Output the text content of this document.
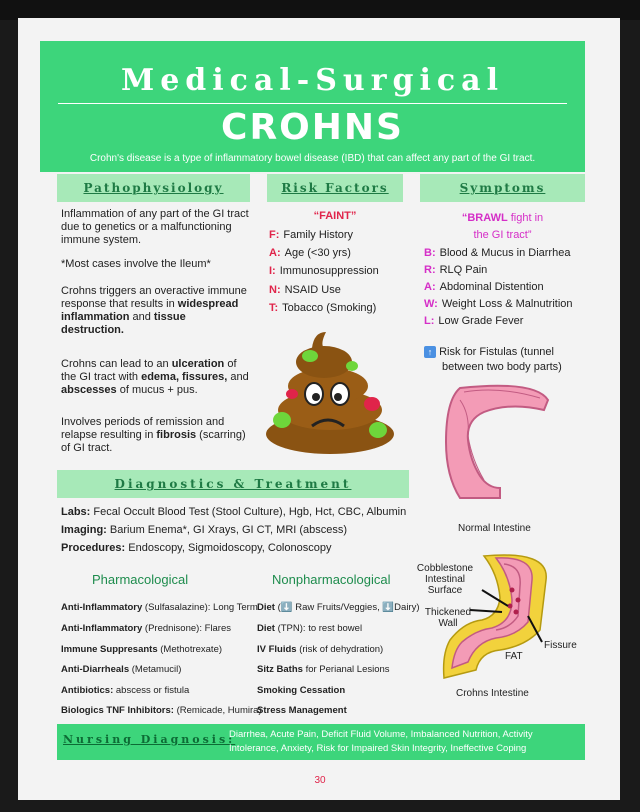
Medical-Surgical
CROHNS
Crohn's disease is a type of inflammatory bowel disease (IBD) that can affect any part of the GI tract.
Pathophysiology	Risk Factors	Symptoms
Inflammation of any part of the GI tract due to genetics or a malfunctioning immune system.
*Most cases involve the Ileum*
Crohns triggers an overactive immune response that results in widespread inflammation and tissue destruction.
Crohns can lead to an ulceration of the GI tract with edema, fissures, and abscesses of mucus + pus.
Involves periods of remission and relapse resulting in fibrosis (scarring) of GI tract.
“FAINT”
F: Family History
A: Age (<30 yrs)
I: Immunosuppression
N: NSAID Use
T: Tobacco (Smoking)
“BRAWL fight in
the GI tract”
B: Blood & Mucus in Diarrhea
R: RLQ Pain
A: Abdominal Distention
W: Weight Loss & Malnutrition
L: Low Grade Fever
↑ Risk for Fistulas (tunnel
between two body parts)
Normal Intestine
Diagnostics & Treatment
Labs: Fecal Occult Blood Test (Stool Culture), Hgb, Hct, CBC, Albumin
Imaging: Barium Enema*, GI Xrays, GI CT, MRI (abscess)
Procedures: Endoscopy, Sigmoidoscopy, Colonoscopy
Pharmacological	Nonpharmacological
Anti-Inflammatory (Sulfasalazine): Long Term
Anti-Inflammatory (Prednisone): Flares
Immune Suppresants (Methotrexate)
Anti-Diarrheals (Metamucil)
Antibiotics: abscess or fistula
Biologics TNF Inhibitors: (Remicade, Humira)
Diet (⬇️ Raw Fruits/Veggies, ⬇️Dairy)
Diet (TPN): to rest bowel
IV Fluids (risk of dehydration)
Sitz Baths for Perianal Lesions
Smoking Cessation
Stress Management
Cobblestone Intestinal Surface
Thickened Wall
Fissure
FAT
Crohns Intestine
Nursing Diagnosis:
Diarrhea, Acute Pain, Deficit Fluid Volume, Imbalanced Nutrition, Activity Intolerance, Anxiety, Risk for Impaired Skin Integrity, Ineffective Coping
30
